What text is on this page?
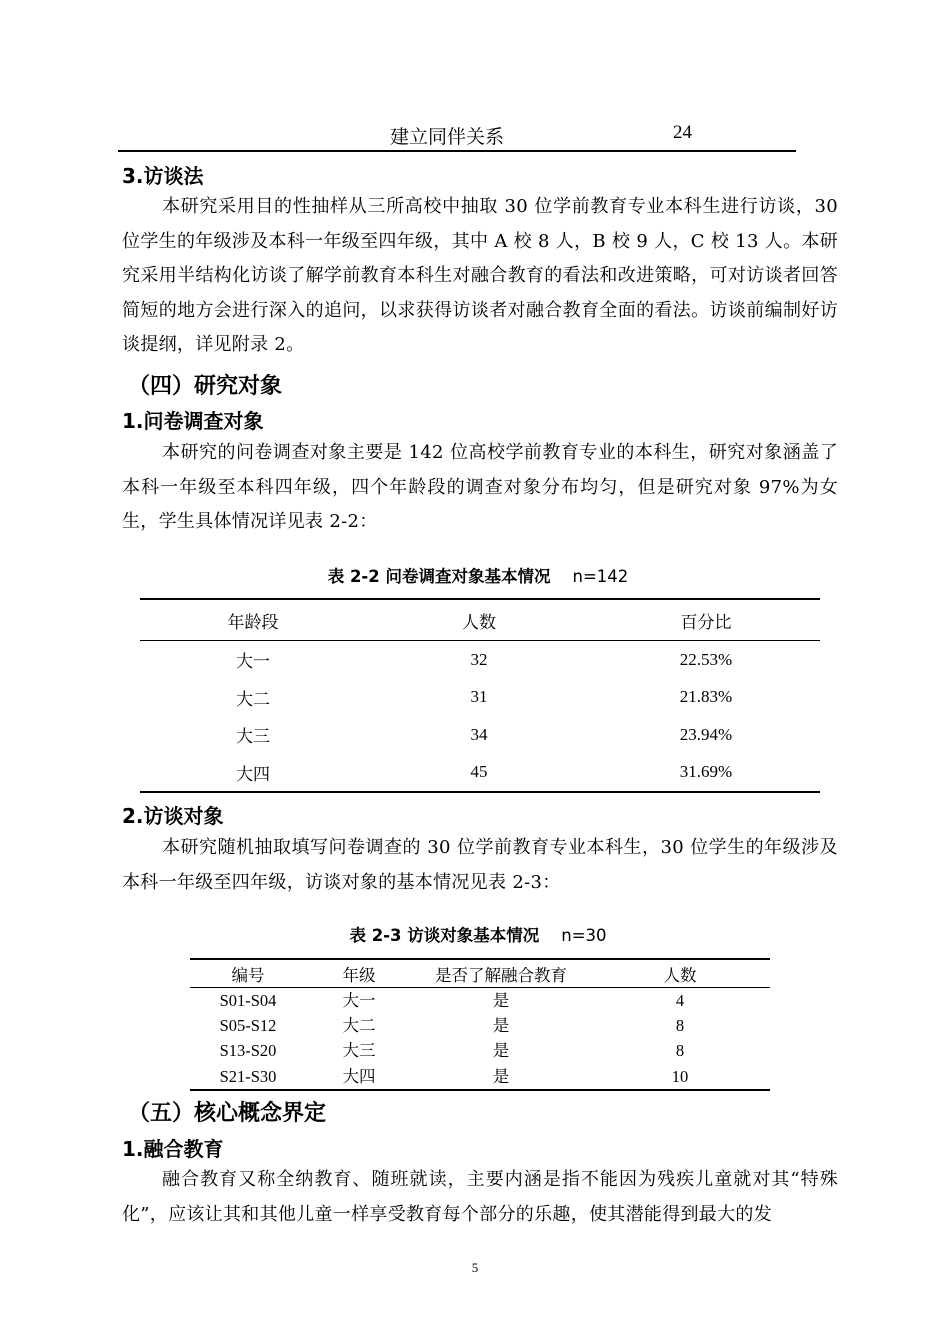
建立同伴关系	24
3.访谈法

本研究采用目的性抽样从三所高校中抽取 30 位学前教育专业本科生进行访谈，30 位学生的年级涉及本科一年级至四年级，其中 A 校 8 人，B 校 9 人，C 校 13 人。本研究采用半结构化访谈了解学前教育本科生对融合教育的看法和改进策略，可对访谈者回答简短的地方会进行深入的追问，以求获得访谈者对融合教育全面的看法。访谈前编制好访谈提纲，详见附录 2。

（四）研究对象
1.问卷调查对象

本研究的问卷调查对象主要是 142 位高校学前教育专业的本科生，研究对象涵盖了本科一年级至本科四年级，四个年龄段的调查对象分布均匀，但是研究对象 97%为女生，学生具体情况详见表 2-2：

表 2-2 问卷调查对象基本情况 n=142
年龄段	人数	百分比
大一	32	22.53%
大二	31	21.83%
大三	34	23.94%
大四	45	31.69%
2.访谈对象

本研究随机抽取填写问卷调查的 30 位学前教育专业本科生，30 位学生的年级涉及本科一年级至四年级，访谈对象的基本情况见表 2-3：

表 2-3 访谈对象基本情况 n=30
编号	年级	是否了解融合教育	人数
S01-S04	大一	是	4
S05-S12	大二	是	8
S13-S20	大三	是	8
S21-S30	大四	是	10
（五）核心概念界定
1.融合教育

融合教育又称全纳教育、随班就读，主要内涵是指不能因为残疾儿童就对其“特殊化”，应该让其和其他儿童一样享受教育每个部分的乐趣，使其潜能得到最大的发

5
